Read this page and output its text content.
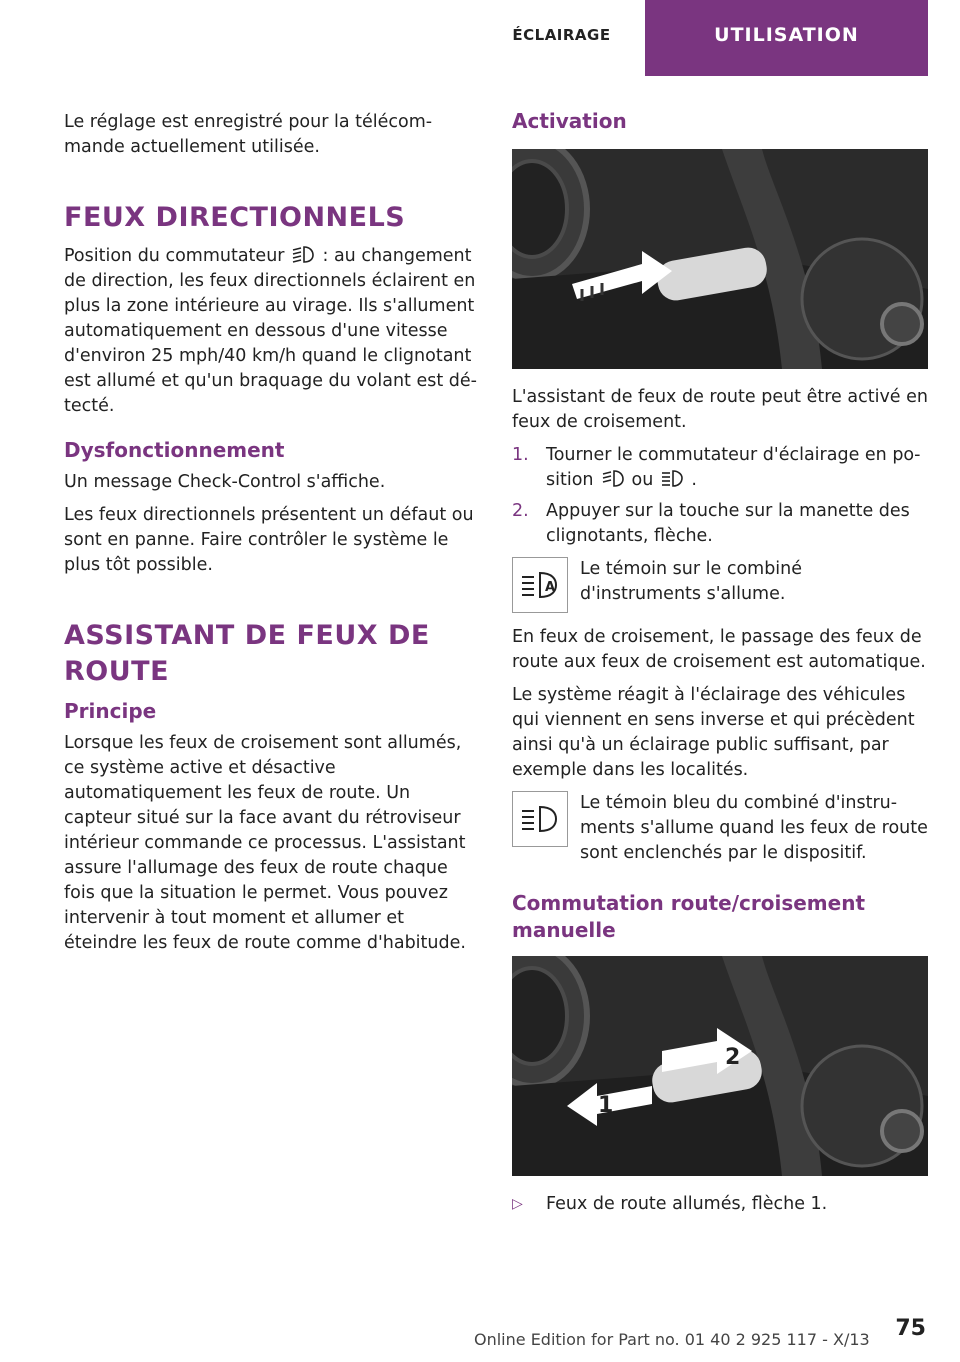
ÉCLAIRAGE	UTILISATION

Le réglage est enregistré pour la télécom‐ mande actuellement utilisée.

FEUX DIRECTIONNELS

Position du commutateur : au changement de direction, les feux directionnels éclairent en plus la zone intérieure au virage. Ils s'allument automatiquement en dessous d'une vitesse d'environ 25 mph/40 km/h quand le clignotant est allumé et qu'un braquage du volant est dé‐ tecté.

Dysfonctionnement

Un message Check-Control s'affiche.

Les feux directionnels présentent un défaut ou sont en panne. Faire contrôler le système le plus tôt possible.

ASSISTANT DE FEUX DE ROUTE
Principe

Lorsque les feux de croisement sont allumés, ce système active et désactive automatiquement les feux de route. Un capteur situé sur la face avant du rétroviseur intérieur commande ce processus. L'assistant assure l'allumage des feux de route chaque fois que la situation le permet. Vous pouvez intervenir à tout moment et allumer et éteindre les feux de route comme d'habitude.

Activation

L'assistant de feux de route peut être activé en feux de croisement.

1. Tourner le commutateur d'éclairage en po‐ sition ou .
2. Appuyer sur la touche sur la manette des clignotants, flèche.
A
Le témoin sur le combiné d'instruments s'allume.

En feux de croisement, le passage des feux de route aux feux de croisement est automatique.

Le système réagit à l'éclairage des véhicules qui viennent en sens inverse et qui précèdent ainsi qu'à un éclairage public suffisant, par exemple dans les localités.

Le témoin bleu du combiné d'instru‐ ments s'allume quand les feux de route sont enclenchés par le dispositif.
Commutation route/croisement manuelle
2
1
▷	Feux de route allumés, flèche 1.
Online Edition for Part no. 01 40 2 925 117 - X/13 75
